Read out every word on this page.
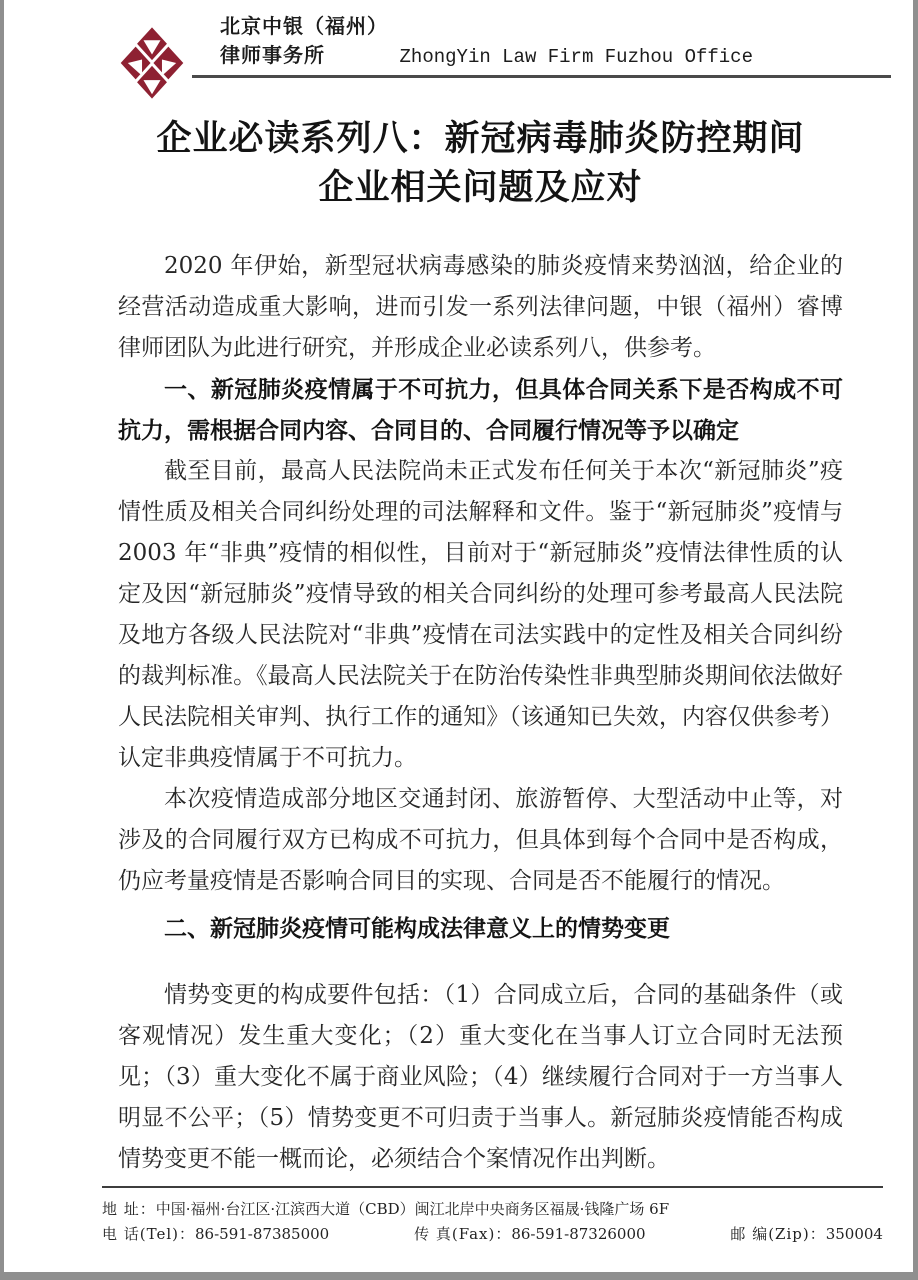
北京中银（福州）律师事务所	ZhongYin Law Firm Fuzhou Office
企业必读系列八：新冠病毒肺炎防控期间
企业相关问题及应对

2020 年伊始，新型冠状病毒感染的肺炎疫情来势汹汹，给企业的经营活动造成重大影响，进而引发一系列法律问题，中银（福州）睿博律师团队为此进行研究，并形成企业必读系列八，供参考。

一、新冠肺炎疫情属于不可抗力，但具体合同关系下是否构成不可抗力，需根据合同内容、合同目的、合同履行情况等予以确定

截至目前，最高人民法院尚未正式发布任何关于本次“新冠肺炎”疫情性质及相关合同纠纷处理的司法解释和文件。鉴于“新冠肺炎”疫情与 2003 年“非典”疫情的相似性，目前对于“新冠肺炎”疫情法律性质的认定及因“新冠肺炎”疫情导致的相关合同纠纷的处理可参考最高人民法院及地方各级人民法院对“非典”疫情在司法实践中的定性及相关合同纠纷的裁判标准。《最高人民法院关于在防治传染性非典型肺炎期间依法做好人民法院相关审判、执行工作的通知》（该通知已失效，内容仅供参考）认定非典疫情属于不可抗力。

本次疫情造成部分地区交通封闭、旅游暂停、大型活动中止等，对涉及的合同履行双方已构成不可抗力，但具体到每个合同中是否构成，仍应考量疫情是否影响合同目的实现、合同是否不能履行的情况。

二、新冠肺炎疫情可能构成法律意义上的情势变更

情势变更的构成要件包括：（1）合同成立后，合同的基础条件（或客观情况）发生重大变化；（2）重大变化在当事人订立合同时无法预见；（3）重大变化不属于商业风险；（4）继续履行合同对于一方当事人明显不公平；（5）情势变更不可归责于当事人。新冠肺炎疫情能否构成情势变更不能一概而论，必须结合个案情况作出判断。

地 址：中国·福州·台江区·江滨西大道（CBD）闽江北岸中央商务区福晟·钱隆广场 6F
电 话(Tel)：86-591-87385000	传 真(Fax)：86-591-87326000	邮 编(Zip)：350004
